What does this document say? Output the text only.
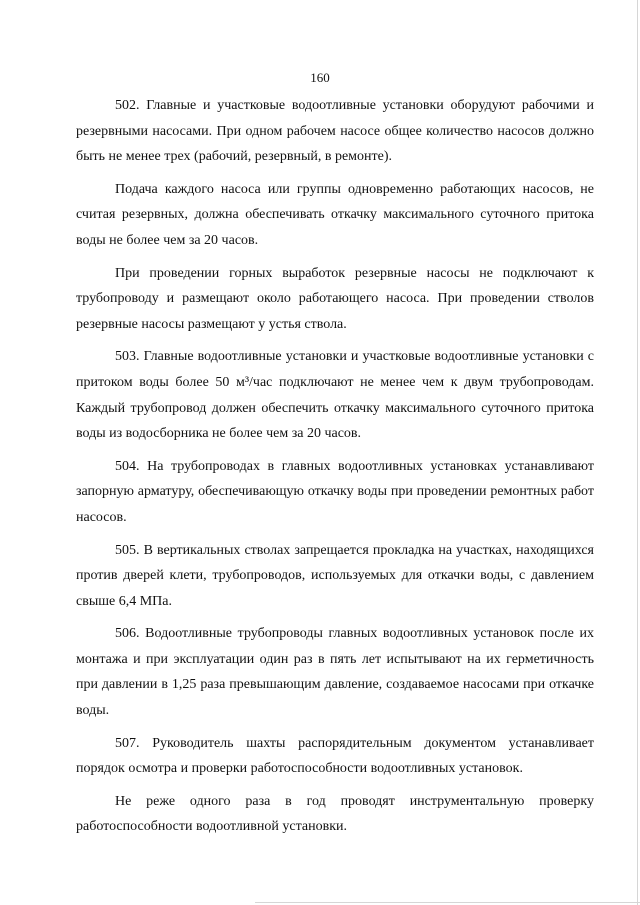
160

502. Главные и участковые водоотливные установки оборудуют рабочими и резервными насосами. При одном рабочем насосе общее количество насосов должно быть не менее трех (рабочий, резервный, в ремонте).

Подача каждого насоса или группы одновременно работающих насосов, не считая резервных, должна обеспечивать откачку максимального суточного притока воды не более чем за 20 часов.

При проведении горных выработок резервные насосы не подключают к трубопроводу и размещают около работающего насоса. При проведении стволов резервные насосы размещают у устья ствола.

503. Главные водоотливные установки и участковые водоотливные установки с притоком воды более 50 м³/час подключают не менее чем к двум трубопроводам. Каждый трубопровод должен обеспечить откачку максимального суточного притока воды из водосборника не более чем за 20 часов.

504. На трубопроводах в главных водоотливных установках устанавливают запорную арматуру, обеспечивающую откачку воды при проведении ремонтных работ насосов.

505. В вертикальных стволах запрещается прокладка на участках, находящихся против дверей клети, трубопроводов, используемых для откачки воды, с давлением свыше 6,4 МПа.

506. Водоотливные трубопроводы главных водоотливных установок после их монтажа и при эксплуатации один раз в пять лет испытывают на их герметичность при давлении в 1,25 раза превышающим давление, создаваемое насосами при откачке воды.

507. Руководитель шахты распорядительным документом устанавливает порядок осмотра и проверки работоспособности водоотливных установок.

Не реже одного раза в год проводят инструментальную проверку работоспособности водоотливной установки.
